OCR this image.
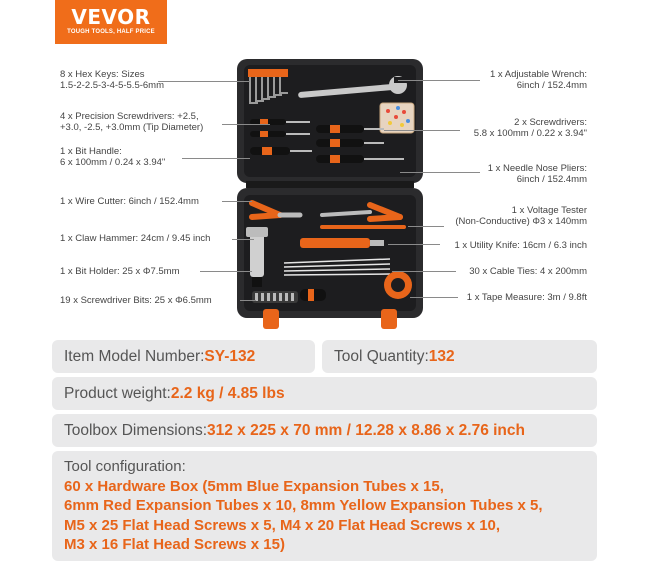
VEVOR
TOUGH TOOLS, HALF PRICE
8 x Hex Keys: Sizes
1.5-2-2.5-3-4-5-5.5-6mm
4 x Precision Screwdrivers: +2.5,
+3.0, -2.5, +3.0mm (Tip Diameter)
1 x Bit Handle:
6 x 100mm / 0.24 x 3.94"
1 x Wire Cutter: 6inch / 152.4mm
1 x Claw Hammer: 24cm / 9.45 inch
1 x Bit Holder: 25 x Φ7.5mm
19 x Screwdriver Bits: 25 x Φ6.5mm
1 x Adjustable Wrench:
6inch / 152.4mm
2 x Screwdrivers:
5.8 x 100mm / 0.22 x 3.94"
1 x Needle Nose Pliers:
6inch / 152.4mm
1 x Voltage Tester
(Non-Conductive) Φ3 x 140mm
1 x Utility Knife: 16cm / 6.3 inch
30 x Cable Ties: 4 x 200mm
1 x Tape Measure: 3m / 9.8ft
Item Model Number:SY-132	Tool Quantity:132
Product weight:2.2 kg / 4.85 lbs
Toolbox Dimensions:312 x 225 x 70 mm / 12.28 x 8.86 x 2.76 inch
Tool configuration:
60 x Hardware Box (5mm Blue Expansion Tubes x 15,
6mm Red Expansion Tubes x 10, 8mm Yellow Expansion Tubes x 5,
M5 x 25 Flat Head Screws x 5, M4 x 20 Flat Head Screws x 10,
M3 x 16 Flat Head Screws x 15)
